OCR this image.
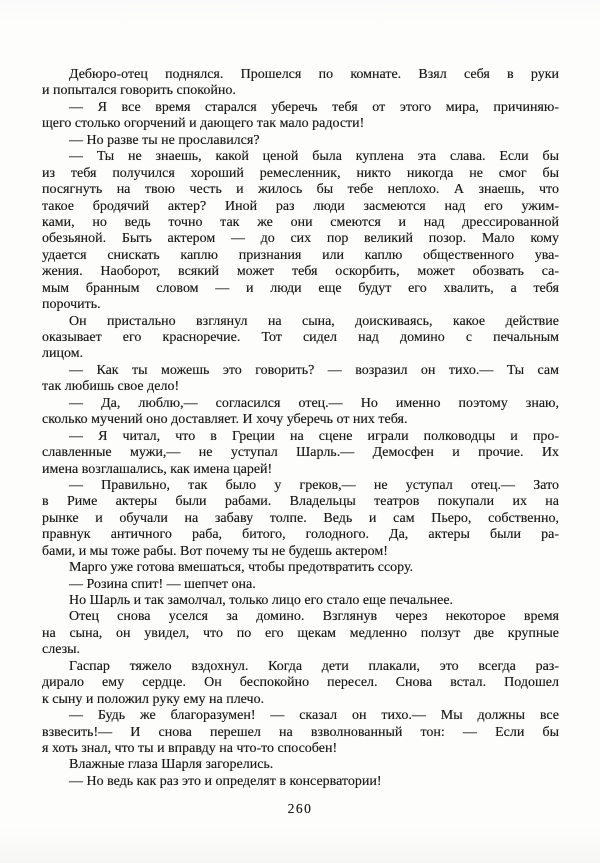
Дебюро-отец поднялся. Прошелся по комнате. Взял себя в руки
и попытался говорить спокойно.
— Я все время старался уберечь тебя от этого мира, причиняю-
щего столько огорчений и дающего так мало радости!
— Но разве ты не прославился?
— Ты не знаешь, какой ценой была куплена эта слава. Если бы
из тебя получился хороший ремесленник, никто никогда не смог бы
посягнуть на твою честь и жилось бы тебе неплохо. А знаешь, что
такое бродячий актер? Иной раз люди засмеются над его ужим-
ками, но ведь точно так же они смеются и над дрессированной
обезьяной. Быть актером — до сих пор великий позор. Мало кому
удается снискать каплю признания или каплю общественного ува-
жения. Наоборот, всякий может тебя оскорбить, может обозвать са-
мым бранным словом — и люди еще будут его хвалить, а тебя
порочить.
Он пристально взглянул на сына, доискиваясь, какое действие
оказывает его красноречие. Тот сидел над домино с печальным
лицом.
— Как ты можешь это говорить? — возразил он тихо.— Ты сам
так любишь свое дело!
— Да, люблю,— согласился отец.— Но именно поэтому знаю,
сколько мучений оно доставляет. И хочу уберечь от них тебя.
— Я читал, что в Греции на сцене играли полководцы и про-
славленные мужи,— не уступал Шарль.— Демосфен и прочие. Их
имена возглашались, как имена царей!
— Правильно, так было у греков,— не уступал отец.— Зато
в Риме актеры были рабами. Владельцы театров покупали их на
рынке и обучали на забаву толпе. Ведь и сам Пьеро, собственно,
правнук античного раба, битого, голодного. Да, актеры были ра-
бами, и мы тоже рабы. Вот почему ты не будешь актером!
Марго уже готова вмешаться, чтобы предотвратить ссору.
— Розина спит! — шепчет она.
Но Шарль и так замолчал, только лицо его стало еще печальнее.
Отец снова уселся за домино. Взглянув через некоторое время
на сына, он увидел, что по его щекам медленно ползут две крупные
слезы.
Гаспар тяжело вздохнул. Когда дети плакали, это всегда раз-
дирало ему сердце. Он беспокойно пересел. Снова встал. Подошел
к сыну и положил руку ему на плечо.
— Будь же благоразумен! — сказал он тихо.— Мы должны все
взвесить!— И снова перешел на взволнованный тон: — Если бы
я хоть знал, что ты и вправду на что-то способен!
Влажные глаза Шарля загорелись.
— Но ведь как раз это и определят в консерватории!
260
